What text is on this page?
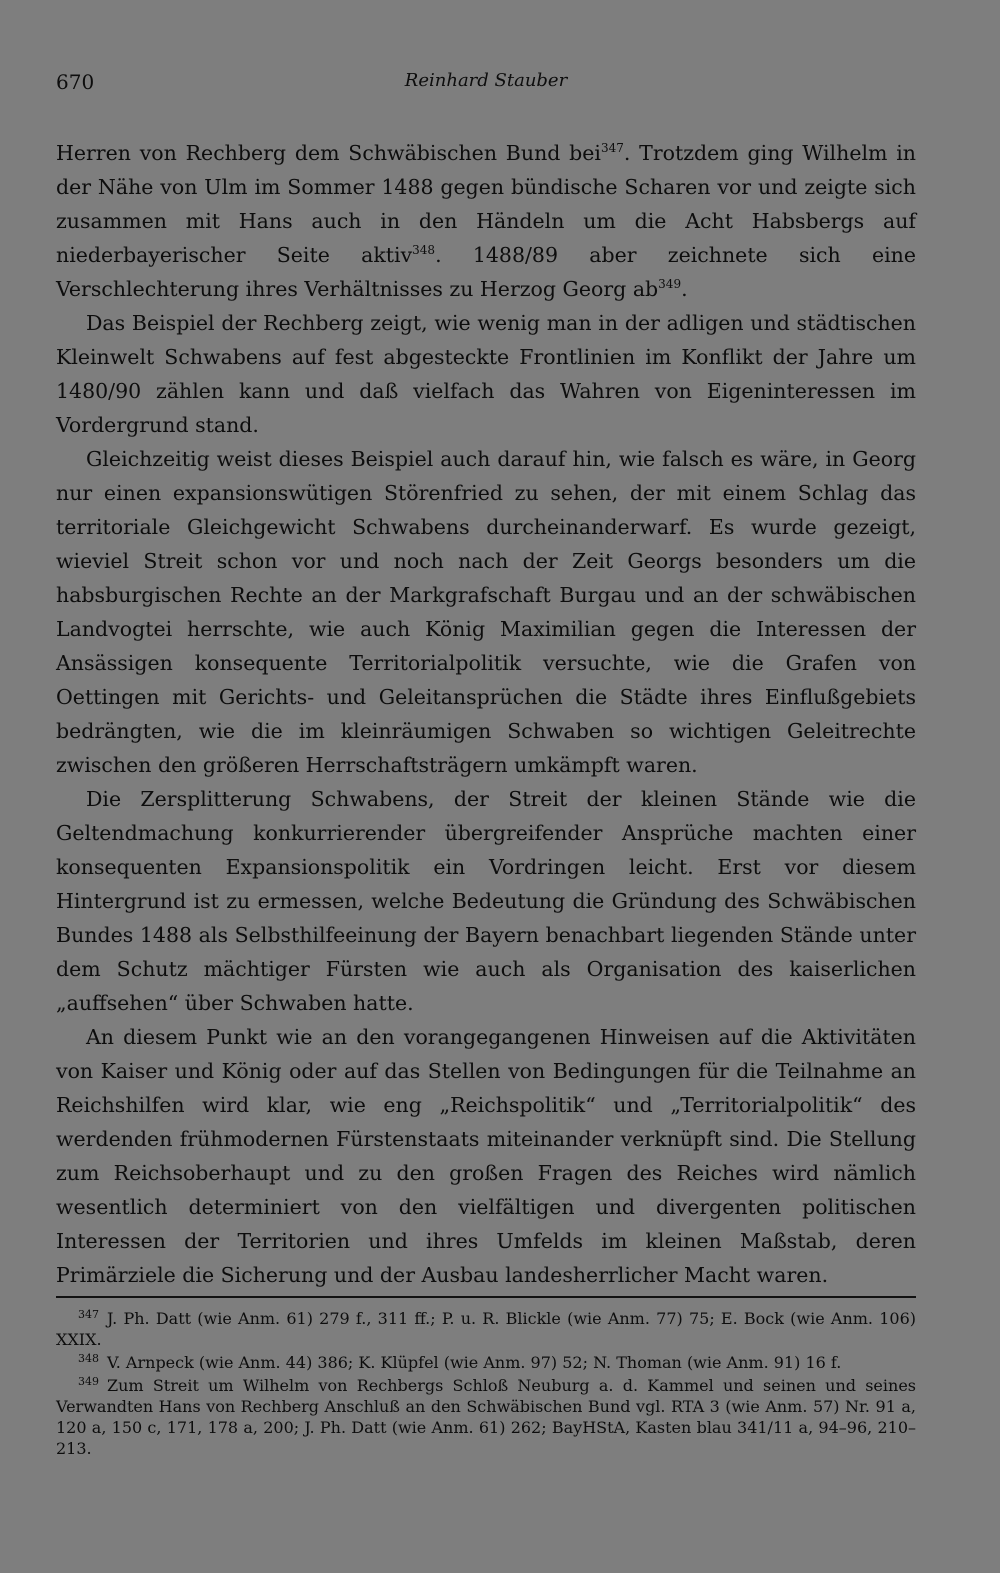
670	Reinhard Stauber

Herren von Rechberg dem Schwäbischen Bund bei$^{347}$. Trotzdem ging Wilhelm in der Nähe von Ulm im Sommer 1488 gegen bündische Scharen vor und zeigte sich zusammen mit Hans auch in den Händeln um die Acht Habsbergs auf niederbayerischer Seite aktiv$^{348}$. 1488/89 aber zeichnete sich eine Verschlechterung ihres Verhältnisses zu Herzog Georg $ab^{349}$.

Das Beispiel der Rechberg zeigt, wie wenig man in der adligen und städtischen Kleinwelt Schwabens auf fest abgesteckte Frontlinien im Konflikt der Jahre um 1480/90 zählen kann und daß vielfach das Wahren von Eigeninteressen im Vordergrund stand.

Gleichzeitig weist dieses Beispiel auch darauf hin, wie falsch es wäre, in Georg nur einen expansionswütigen Störenfried zu sehen, der mit einem Schlag das territoriale Gleichgewicht Schwabens durcheinanderwarf. Es wurde gezeigt, wieviel Streit schon vor und noch nach der Zeit Georgs besonders um die habsburgischen Rechte an der Markgrafschaft Burgau und an der schwäbischen Landvogtei herrschte, wie auch König Maximilian gegen die Interessen der Ansässigen konsequente Territorialpolitik versuchte, wie die Grafen von Oettingen mit Gerichts- und Geleitansprüchen die Städte ihres Einflußgebiets bedrängten, wie die im kleinräumigen Schwaben so wichtigen Geleitrechte zwischen den größeren Herrschaftsträgern umkämpft waren.

Die Zersplitterung Schwabens, der Streit der kleinen Stände wie die Geltendmachung konkurrierender übergreifender Ansprüche machten einer konsequenten Expansionspolitik ein Vordringen leicht. Erst vor diesem Hintergrund ist zu ermessen, welche Bedeutung die Gründung des Schwäbischen Bundes 1488 als Selbsthilfeeinung der Bayern benachbart liegenden Stände unter dem Schutz mächtiger Fürsten wie auch als Organisation des kaiserlichen „auffsehen“ über Schwaben hatte.

An diesem Punkt wie an den vorangegangenen Hinweisen auf die Aktivitäten von Kaiser und König oder auf das Stellen von Bedingungen für die Teilnahme an Reichshilfen wird klar, wie eng „Reichspolitik“ und „Territorialpolitik“ des werdenden frühmodernen Fürstenstaats miteinander verknüpft sind. Die Stellung zum Reichsoberhaupt und zu den großen Fragen des Reiches wird nämlich wesentlich determiniert von den vielfältigen und divergenten politischen Interessen der Territorien und ihres Umfelds im kleinen Maßstab, deren Primärziele die Sicherung und der Ausbau landesherrlicher Macht waren.

$^{347}$ J. Ph. Datt (wie Anm. 61) 279 f., 311 ff.; P. u. R. Blickle (wie Anm. 77) 75; E. Bock (wie Anm. 106) XXIX.

$^{348}$ V. Arnpeck (wie Anm. 44) 386; K. Klüpfel (wie Anm. 97) 52; N. Thoman (wie Anm. 91) 16 f.

$^{349}$ Zum Streit um Wilhelm von Rechbergs Schloß Neuburg a. d. Kammel und seinen und seines Verwandten Hans von Rechberg Anschluß an den Schwäbischen Bund vgl. RTA 3 (wie Anm. 57) Nr. 91 a, 120 a, 150 c, 171, 178 a, 200; J. Ph. Datt (wie Anm. 61) 262; BayHStA, Kasten blau 341/11 a, 94–96, 210–213.
